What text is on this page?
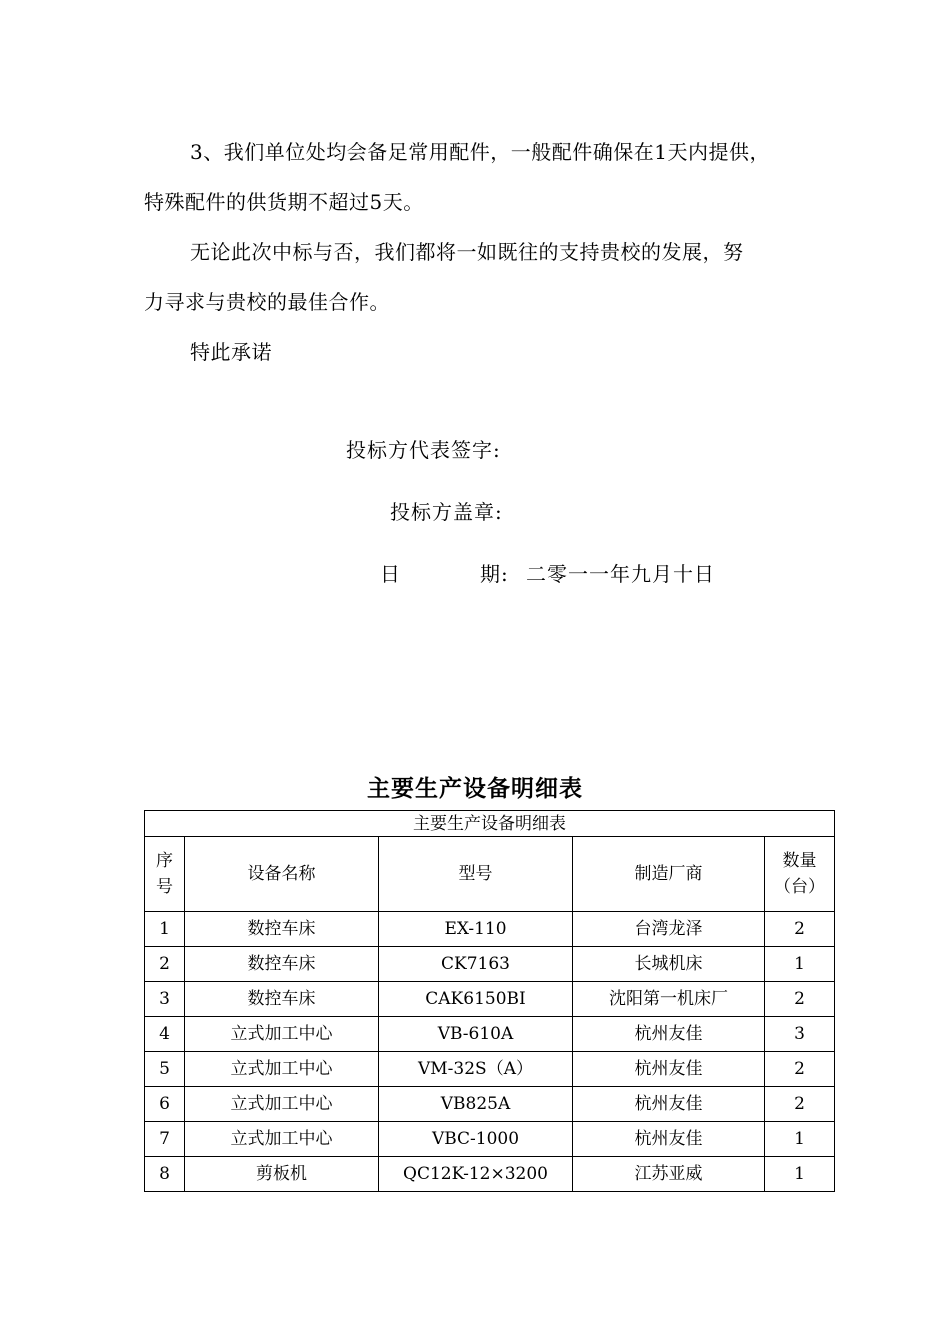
3、我们单位处均会备足常用配件，一般配件确保在1天内提供，
特殊配件的供货期不超过5天。
无论此次中标与否，我们都将一如既往的支持贵校的发展，努
力寻求与贵校的最佳合作。
特此承诺
投标方代表签字:
投标方盖章:
日	期: 二零一一年九月十日
主要生产设备明细表
主要生产设备明细表				
序号	设备名称	型号	制造厂商	数量（台）
1	数控车床	EX-110	台湾龙泽	2
2	数控车床	CK7163	长城机床	1
3	数控车床	CAK6150BI	沈阳第一机床厂	2
4	立式加工中心	VB-610A	杭州友佳	3
5	立式加工中心	VM-32S（A）	杭州友佳	2
6	立式加工中心	VB825A	杭州友佳	2
7	立式加工中心	VBC-1000	杭州友佳	1
8	剪板机	QC12K-12×3200	江苏亚威	1
